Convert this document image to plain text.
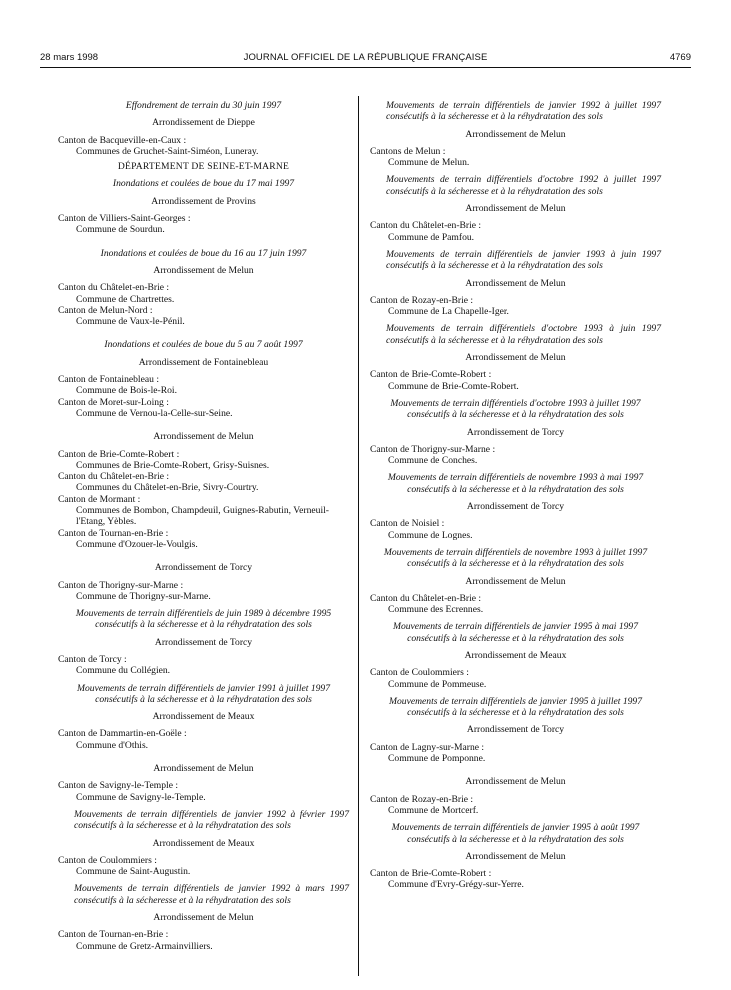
28 mars 1998	JOURNAL OFFICIEL DE LA RÉPUBLIQUE FRANÇAISE	4769
Effondrement de terrain du 30 juin 1997
Arrondissement de Dieppe
Canton de Bacqueville-en-Caux :
Communes de Gruchet-Saint-Siméon, Luneray.
DÉPARTEMENT DE SEINE-ET-MARNE
Inondations et coulées de boue du 17 mai 1997
Arrondissement de Provins
Canton de Villiers-Saint-Georges :
Commune de Sourdun.
Inondations et coulées de boue du 16 au 17 juin 1997
Arrondissement de Melun
Canton du Châtelet-en-Brie :
Commune de Chartrettes.
Canton de Melun-Nord :
Commune de Vaux-le-Pénil.
Inondations et coulées de boue du 5 au 7 août 1997
Arrondissement de Fontainebleau
Canton de Fontainebleau :
Commune de Bois-le-Roi.
Canton de Moret-sur-Loing :
Commune de Vernou-la-Celle-sur-Seine.
Arrondissement de Melun
Canton de Brie-Comte-Robert :
Communes de Brie-Comte-Robert, Grisy-Suisnes.
Canton du Châtelet-en-Brie :
Communes du Châtelet-en-Brie, Sivry-Courtry.
Canton de Mormant :
Communes de Bombon, Champdeuil, Guignes-Rabutin, Verneuil-l'Etang, Yèbles.
Canton de Tournan-en-Brie :
Commune d'Ozouer-le-Voulgis.
Arrondissement de Torcy
Canton de Thorigny-sur-Marne :
Commune de Thorigny-sur-Marne.
Mouvements de terrain différentiels de juin 1989 à décembre 1995 consécutifs à la sécheresse et à la réhydratation des sols
Arrondissement de Torcy
Canton de Torcy :
Commune du Collégien.
Mouvements de terrain différentiels de janvier 1991 à juillet 1997 consécutifs à la sécheresse et à la réhydratation des sols
Arrondissement de Meaux
Canton de Dammartin-en-Goële :
Commune d'Othis.
Arrondissement de Melun
Canton de Savigny-le-Temple :
Commune de Savigny-le-Temple.
Mouvements de terrain différentiels de janvier 1992 à février 1997 consécutifs à la sécheresse et à la réhydratation des sols
Arrondissement de Meaux
Canton de Coulommiers :
Commune de Saint-Augustin.
Mouvements de terrain différentiels de janvier 1992 à mars 1997 consécutifs à la sécheresse et à la réhydratation des sols
Arrondissement de Melun
Canton de Tournan-en-Brie :
Commune de Gretz-Armainvilliers.
Mouvements de terrain différentiels de janvier 1992 à juillet 1997 consécutifs à la sécheresse et à la réhydratation des sols
Arrondissement de Melun
Cantons de Melun :
Commune de Melun.
Mouvements de terrain différentiels d'octobre 1992 à juillet 1997 consécutifs à la sécheresse et à la réhydratation des sols
Arrondissement de Melun
Canton du Châtelet-en-Brie :
Commune de Pamfou.
Mouvements de terrain différentiels de janvier 1993 à juin 1997 consécutifs à la sécheresse et à la réhydratation des sols
Arrondissement de Melun
Canton de Rozay-en-Brie :
Commune de La Chapelle-Iger.
Mouvements de terrain différentiels d'octobre 1993 à juin 1997 consécutifs à la sécheresse et à la réhydratation des sols
Arrondissement de Melun
Canton de Brie-Comte-Robert :
Commune de Brie-Comte-Robert.
Mouvements de terrain différentiels d'octobre 1993 à juillet 1997 consécutifs à la sécheresse et à la réhydratation des sols
Arrondissement de Torcy
Canton de Thorigny-sur-Marne :
Commune de Conches.
Mouvements de terrain différentiels de novembre 1993 à mai 1997 consécutifs à la sécheresse et à la réhydratation des sols
Arrondissement de Torcy
Canton de Noisiel :
Commune de Lognes.
Mouvements de terrain différentiels de novembre 1993 à juillet 1997 consécutifs à la sécheresse et à la réhydratation des sols
Arrondissement de Melun
Canton du Châtelet-en-Brie :
Commune des Ecrennes.
Mouvements de terrain différentiels de janvier 1995 à mai 1997 consécutifs à la sécheresse et à la réhydratation des sols
Arrondissement de Meaux
Canton de Coulommiers :
Commune de Pommeuse.
Mouvements de terrain différentiels de janvier 1995 à juillet 1997 consécutifs à la sécheresse et à la réhydratation des sols
Arrondissement de Torcy
Canton de Lagny-sur-Marne :
Commune de Pomponne.
Arrondissement de Melun
Canton de Rozay-en-Brie :
Commune de Mortcerf.
Mouvements de terrain différentiels de janvier 1995 à août 1997 consécutifs à la sécheresse et à la réhydratation des sols
Arrondissement de Melun
Canton de Brie-Comte-Robert :
Commune d'Evry-Grégy-sur-Yerre.
